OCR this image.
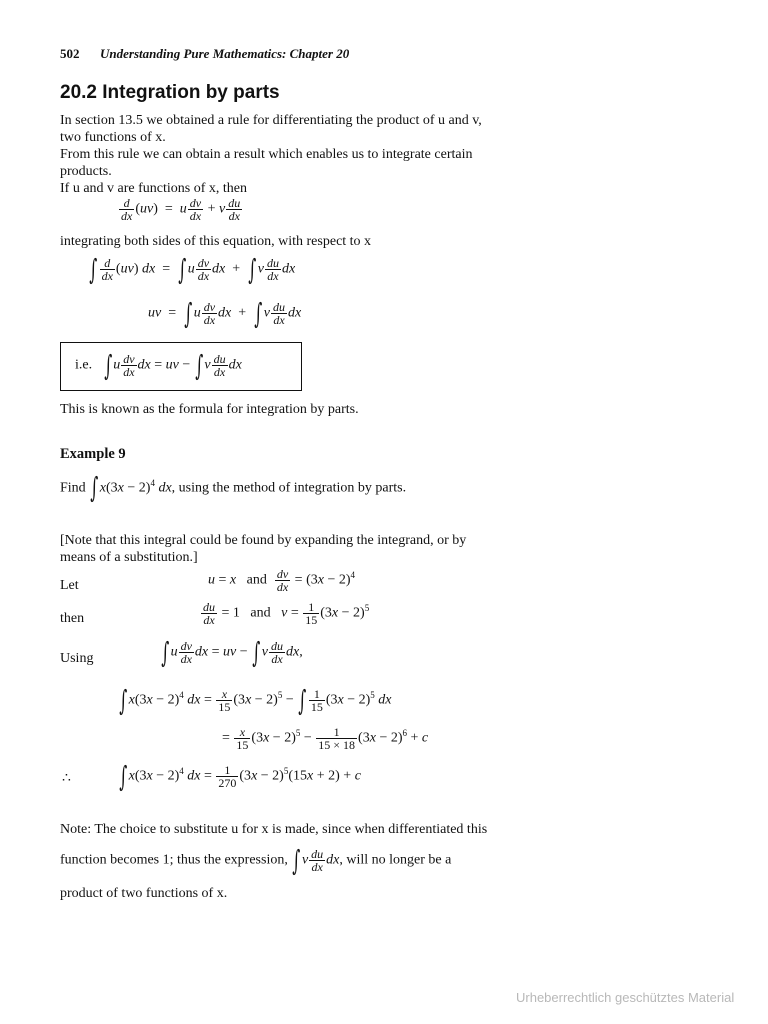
502 Understanding Pure Mathematics: Chapter 20
20.2 Integration by parts
In section 13.5 we obtained a rule for differentiating the product of u and v,
two functions of x.
From this rule we can obtain a result which enables us to integrate certain
products.
If u and v are functions of x, then
$\frac{d}{dx} (uv) = u \frac{dv}{dx} + v \frac{du}{dx}$
integrating both sides of this equation, with respect to x
∫ $\frac{d}{dx} (uv)$ dx  =  $\int u \frac{dv}{dx}$ dx  +  $\int v \frac{du}{dx}$ dx
uv  =  $\int u \frac{dv}{dx}$ dx  +  $\int v \frac{du}{dx}$ dx
i.e.   $\int u \frac{dv}{dx}$ dx = uv − $\int v \frac{du}{dx}$ dx
This is known as the formula for integration by parts.
Example 9
Find $\int x(3x - 2)^4$ dx, using the method of integration by parts.
[Note that this integral could be found by expanding the integrand, or by
means of a substitution.]
Let	u = x and $\frac{dv}{dx} = (3x - 2)^4$
then	$\frac{du}{dx} = 1$   and $v = \frac{1}{15} (3x - 2)^5$
Using $\int u \frac{dv}{dx}$ dx = uv − $\int v \frac{du}{dx}$ dx,
$\int x(3x - 2)^4$ dx = $\frac{x}{15} (3x - 2)^5$ − ∫ $\frac{1}{15} (3x - 2)^5$ dx
= $\frac{x}{15} (3x - 2)^5 - \frac{1}{15 \times 18} (3x - 2)^6 + c$
∴ $\int x(3x - 2)^4$ dx = $\frac{1}{270} (3x - 2)^5(15x + 2) + c$
Note: The choice to substitute u for x is made, since when differentiated this
function becomes 1; thus the expression, $\int v \frac{du}{dx}$ dx, will no longer be a
product of two functions of x.
Urheberrechtlich geschütztes Material
